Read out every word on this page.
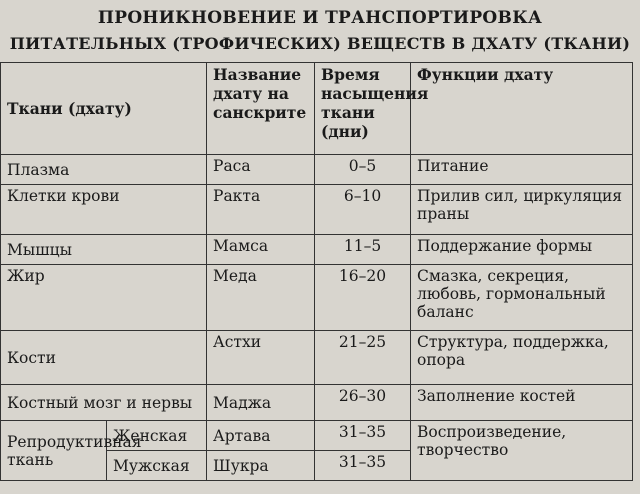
ПРОНИКНОВЕНИЕ И ТРАНСПОРТИРОВКА
ПИТАТЕЛЬНЫХ (ТРОФИЧЕСКИХ) ВЕЩЕСТВ В ДХАТУ (ТКАНИ)
Ткани (дхату)		Название дхату на санскрите	Время насыщения ткани (дни)	Функции дхату
Плазма		Раса	0–5	Питание
Клетки крови		Ракта	6–10	Прилив сил, циркуляция праны
Мышцы		Мамса	11–5	Поддержание формы
Жир		Меда	16–20	Смазка, секреция, любовь, гормональный баланс
Кости		Астхи	21–25	Структура, поддержка, опора
Костный мозг и нервы		Маджа	26–30	Заполнение костей
Репродуктивная ткань	Женская	Артава	31–35	Воспроизведение, творчество
	Мужская	Шукра	31–35	
